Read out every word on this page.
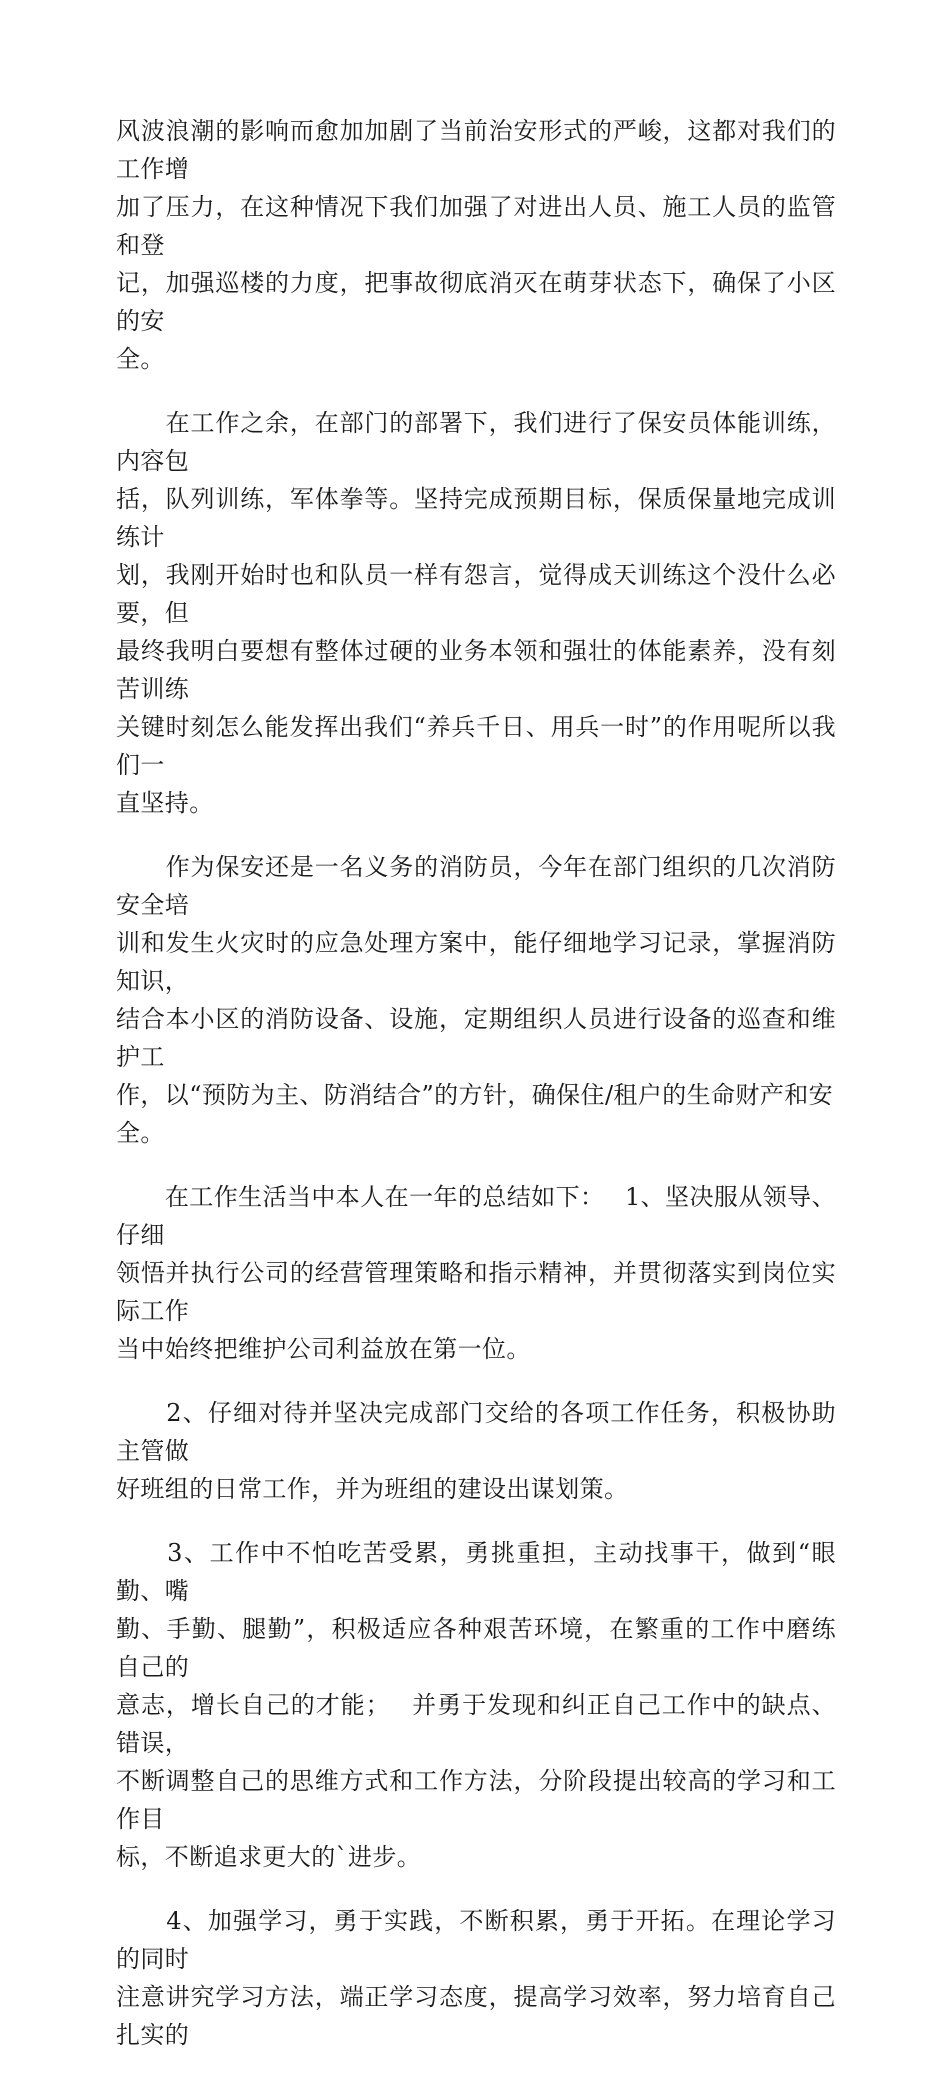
风波浪潮的影响而愈加加剧了当前治安形式的严峻，这都对我们的工作增
加了压力，在这种情况下我们加强了对进出人员、施工人员的监管和登
记，加强巡楼的力度，把事故彻底消灭在萌芽状态下，确保了小区的安
全。

　　在工作之余，在部门的部署下，我们进行了保安员体能训练，内容包
括，队列训练，军体拳等。坚持完成预期目标，保质保量地完成训练计
划，我刚开始时也和队员一样有怨言，觉得成天训练这个没什么必要，但
最终我明白要想有整体过硬的业务本领和强壮的体能素养，没有刻苦训练
关键时刻怎么能发挥出我们“养兵千日、用兵一时”的作用呢所以我们一
直坚持。

　　作为保安还是一名义务的消防员，今年在部门组织的几次消防安全培
训和发生火灾时的应急处理方案中，能仔细地学习记录，掌握消防知识，
结合本小区的消防设备、设施，定期组织人员进行设备的巡查和维护工
作，以“预防为主、防消结合”的方针，确保住/租户的生命财产和安
全。

　　在工作生活当中本人在一年的总结如下：　 1、坚决服从领导、仔细
领悟并执行公司的经营管理策略和指示精神，并贯彻落实到岗位实际工作
当中始终把维护公司利益放在第一位。

　　2、仔细对待并坚决完成部门交给的各项工作任务，积极协助主管做
好班组的日常工作，并为班组的建设出谋划策。

　　3、工作中不怕吃苦受累，勇挑重担，主动找事干，做到“眼勤、嘴
勤、手勤、腿勤”，积极适应各种艰苦环境，在繁重的工作中磨练自己的
意志，增长自己的才能；　 并勇于发现和纠正自己工作中的缺点、错误，
不断调整自己的思维方式和工作方法，分阶段提出较高的学习和工作目
标，不断追求更大的`进步。

　　4、加强学习，勇于实践，不断积累，勇于开拓。在理论学习的同时
注意讲究学习方法，端正学习态度，提高学习效率，努力培育自己扎实的
